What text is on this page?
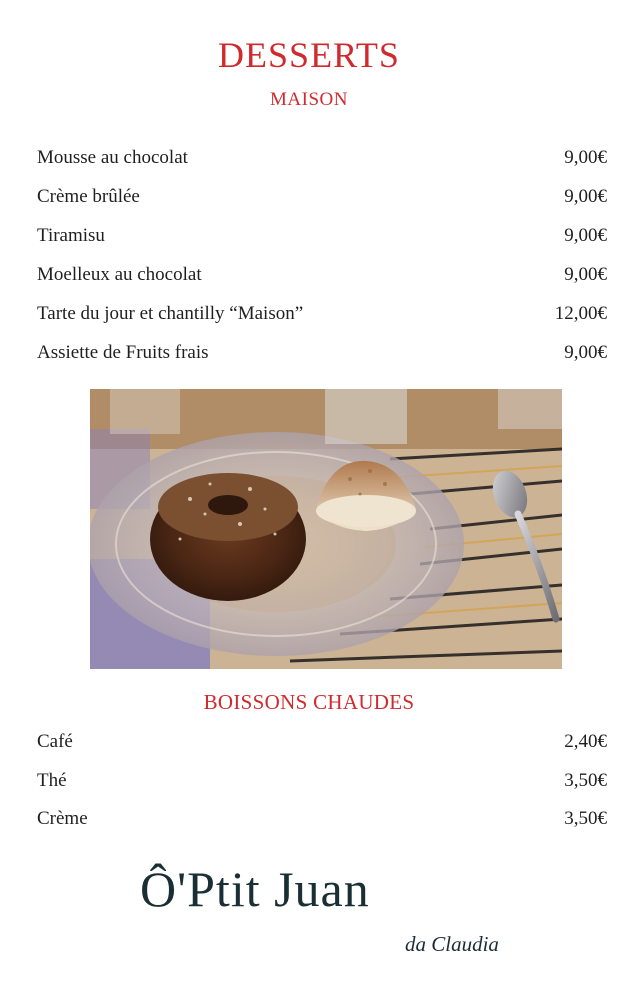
DESSERTS
MAISON
Mousse au chocolat	9,00€
Crème brûlée	9,00€
Tiramisu	9,00€
Moelleux au chocolat	9,00€
Tarte du jour et chantilly “Maison”	12,00€
Assiette de Fruits frais	9,00€
BOISSONS CHAUDES
Café	2,40€
Thé	3,50€
Crème	3,50€
Ô'Ptit Juan
da Claudia
